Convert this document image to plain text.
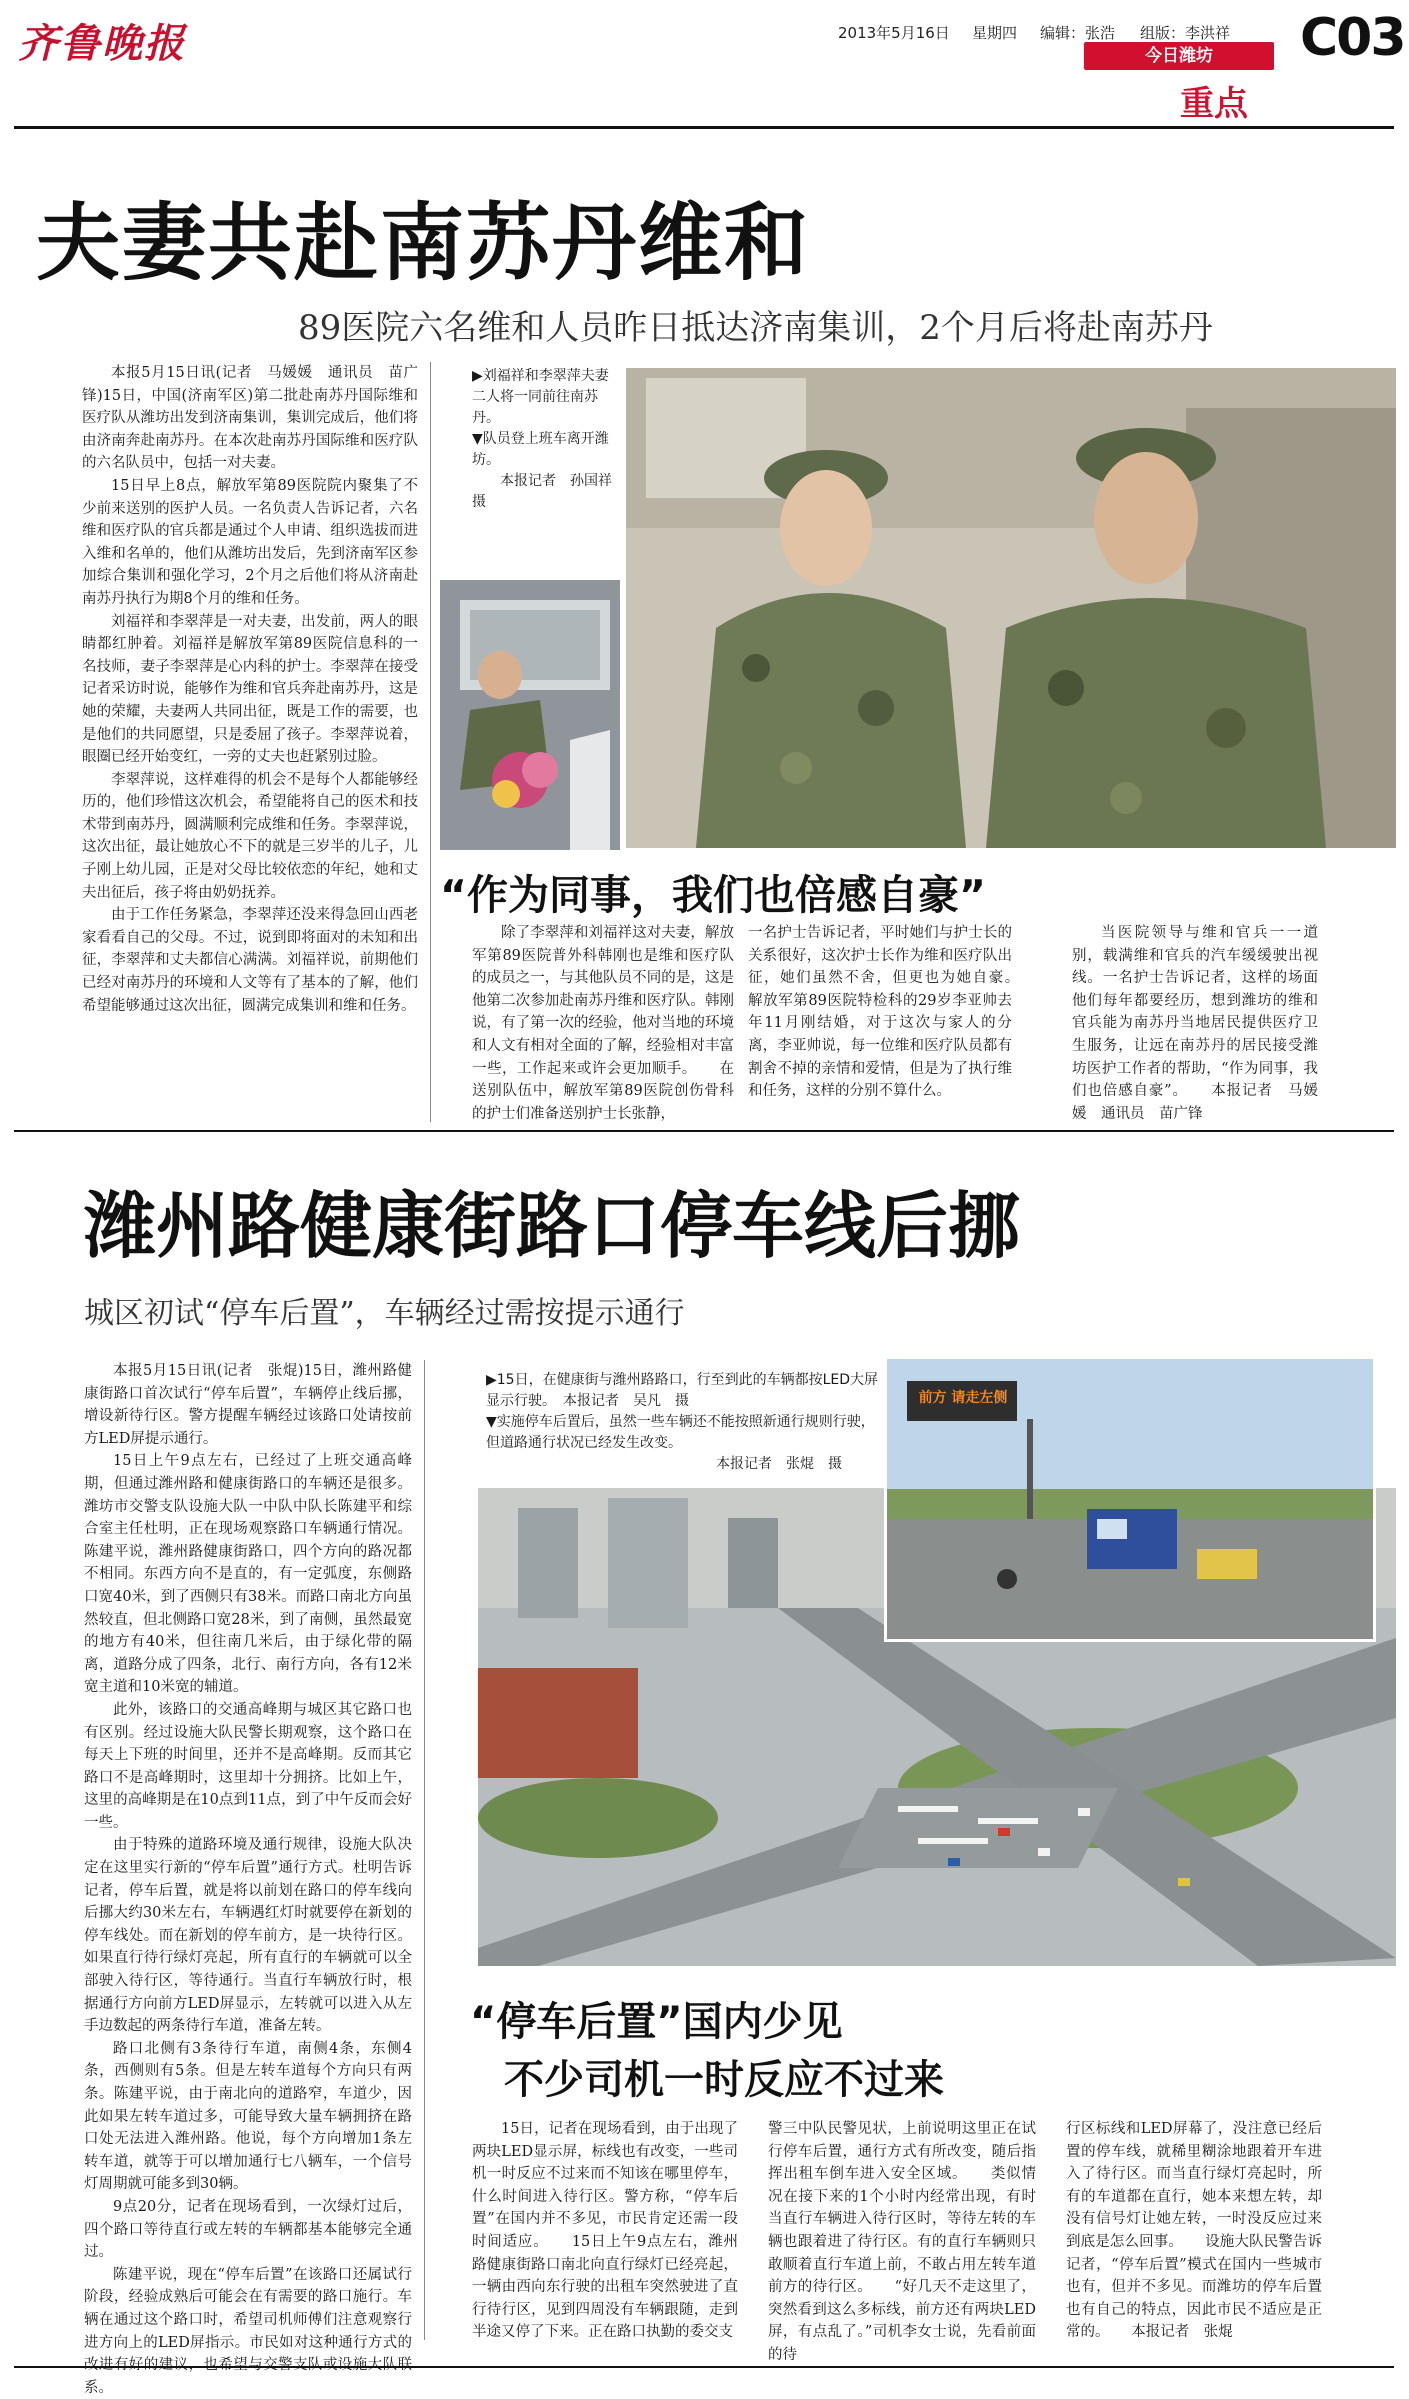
齐鲁晚报	2013年5月16日 星期四 编辑：张浩 组版：李洪祥 C03
今日潍坊
重点
夫妻共赴南苏丹维和
89医院六名维和人员昨日抵达济南集训，2个月后将赴南苏丹

本报5月15日讯(记者　马媛媛　通讯员　苗广锋)15日，中国(济南军区)第二批赴南苏丹国际维和医疗队从潍坊出发到济南集训，集训完成后，他们将由济南奔赴南苏丹。在本次赴南苏丹国际维和医疗队的六名队员中，包括一对夫妻。

15日早上8点，解放军第89医院院内聚集了不少前来送别的医护人员。一名负责人告诉记者，六名维和医疗队的官兵都是通过个人申请、组织选拔而进入维和名单的，他们从潍坊出发后，先到济南军区参加综合集训和强化学习，2个月之后他们将从济南赴南苏丹执行为期8个月的维和任务。

刘福祥和李翠萍是一对夫妻，出发前，两人的眼睛都红肿着。刘福祥是解放军第89医院信息科的一名技师，妻子李翠萍是心内科的护士。李翠萍在接受记者采访时说，能够作为维和官兵奔赴南苏丹，这是她的荣耀，夫妻两人共同出征，既是工作的需要，也是他们的共同愿望，只是委屈了孩子。李翠萍说着，眼圈已经开始变红，一旁的丈夫也赶紧别过脸。

李翠萍说，这样难得的机会不是每个人都能够经历的，他们珍惜这次机会，希望能将自己的医术和技术带到南苏丹，圆满顺利完成维和任务。李翠萍说，这次出征，最让她放心不下的就是三岁半的儿子，儿子刚上幼儿园，正是对父母比较依恋的年纪，她和丈夫出征后，孩子将由奶奶抚养。

由于工作任务紧急，李翠萍还没来得急回山西老家看看自己的父母。不过，说到即将面对的未知和出征，李翠萍和丈夫都信心满满。刘福祥说，前期他们已经对南苏丹的环境和人文等有了基本的了解，他们希望能够通过这次出征，圆满完成集训和维和任务。

▶刘福祥和李翠萍夫妻二人将一同前往南苏丹。
▼队员登上班车离开潍坊。
本报记者　孙国祥　摄
“作为同事，我们也倍感自豪”
除了李翠萍和刘福祥这对夫妻，解放军第89医院普外科韩刚也是维和医疗队的成员之一，与其他队员不同的是，这是他第二次参加赴南苏丹维和医疗队。韩刚说，有了第一次的经验，他对当地的环境和人文有相对全面的了解，经验相对丰富一些，工作起来或许会更加顺手。　　在送别队伍中，解放军第89医院创伤骨科的护士们准备送别护士长张静，
一名护士告诉记者，平时她们与护士长的关系很好，这次护士长作为维和医疗队出征，她们虽然不舍，但更也为她自豪。　　解放军第89医院特检科的29岁李亚帅去年11月刚结婚，对于这次与家人的分离，李亚帅说，每一位维和医疗队员都有割舍不掉的亲情和爱情，但是为了执行维和任务，这样的分别不算什么。
当医院领导与维和官兵一一道别，载满维和官兵的汽车缓缓驶出视线。一名护士告诉记者，这样的场面他们每年都要经历，想到潍坊的维和官兵能为南苏丹当地居民提供医疗卫生服务，让远在南苏丹的居民接受潍坊医护工作者的帮助，“作为同事，我们也倍感自豪”。　　本报记者　马媛媛　通讯员　苗广锋
潍州路健康街路口停车线后挪
城区初试“停车后置”，车辆经过需按提示通行

本报5月15日讯(记者　张焜)15日，潍州路健康街路口首次试行“停车后置”，车辆停止线后挪，增设新待行区。警方提醒车辆经过该路口处请按前方LED屏提示通行。

15日上午9点左右，已经过了上班交通高峰期，但通过潍州路和健康街路口的车辆还是很多。潍坊市交警支队设施大队一中队中队长陈建平和综合室主任杜明，正在现场观察路口车辆通行情况。陈建平说，潍州路健康街路口，四个方向的路况都不相同。东西方向不是直的，有一定弧度，东侧路口宽40米，到了西侧只有38米。而路口南北方向虽然较直，但北侧路口宽28米，到了南侧，虽然最宽的地方有40米，但往南几米后，由于绿化带的隔离，道路分成了四条，北行、南行方向，各有12米宽主道和10米宽的辅道。

此外，该路口的交通高峰期与城区其它路口也有区别。经过设施大队民警长期观察，这个路口在每天上下班的时间里，还并不是高峰期。反而其它路口不是高峰期时，这里却十分拥挤。比如上午，这里的高峰期是在10点到11点，到了中午反而会好一些。

由于特殊的道路环境及通行规律，设施大队决定在这里实行新的“停车后置”通行方式。杜明告诉记者，停车后置，就是将以前划在路口的停车线向后挪大约30米左右，车辆遇红灯时就要停在新划的停车线处。而在新划的停车前方，是一块待行区。如果直行待行绿灯亮起，所有直行的车辆就可以全部驶入待行区，等待通行。当直行车辆放行时，根据通行方向前方LED屏显示，左转就可以进入从左手边数起的两条待行车道，准备左转。

路口北侧有3条待行车道，南侧4条，东侧4条，西侧则有5条。但是左转车道每个方向只有两条。陈建平说，由于南北向的道路窄，车道少，因此如果左转车道过多，可能导致大量车辆拥挤在路口处无法进入潍州路。他说，每个方向增加1条左转车道，就等于可以增加通行七八辆车，一个信号灯周期就可能多到30辆。

9点20分，记者在现场看到，一次绿灯过后，四个路口等待直行或左转的车辆都基本能够完全通过。

陈建平说，现在“停车后置”在该路口还属试行阶段，经验成熟后可能会在有需要的路口施行。车辆在通过这个路口时，希望司机师傅们注意观察行进方向上的LED屏指示。市民如对这种通行方式的 系。

▶15日，在健康街与潍州路路口，行至到此的车辆都按LED大屏显示行驶。　本报记者　吴凡　摄
▼实施停车后置后，虽然一些车辆还不能按照新通行规则行驶，但道路通行状况已经发生改变。
本报记者　张焜　摄
前方 请走左侧
“停车后置”国内少见
不少司机一时反应不过来
15日，记者在现场看到，由于出现了两块LED显示屏，标线也有改变，一些司机一时反应不过来而不知该在哪里停车，什么时间进入待行区。警方称，“停车后置”在国内并不多见，市民肯定还需一段时间适应。　　15日上午9点左右，潍州路健康街路口南北向直行绿灯已经亮起，一辆由西向东行驶的出租车突然驶进了直行待行区，见到四周没有车辆跟随，走到半途又停了下来。正在路口执勤的委交支
警三中队民警见状，上前说明这里正在试行停车后置，通行方式有所改变，随后指挥出租车倒车进入安全区域。　　类似情况在接下来的1个小时内经常出现，有时当直行车辆进入待行区时，等待左转的车辆也跟着进了待行区。有的直行车辆则只敢顺着直行车道上前，不敢占用左转车道前方的待行区。　　“好几天不走这里了，突然看到这么多标线，前方还有两块LED屏，有点乱了。”司机李女士说，先看前面的待
行区标线和LED屏幕了，没注意已经后置的停车线，就稀里糊涂地跟着开车进入了待行区。而当直行绿灯亮起时，所有的车道都在直行，她本来想左转，却没有信号灯让她左转，一时没反应过来到底是怎么回事。　　设施大队民警告诉记者，“停车后置”模式在国内一些城市也有，但并不多见。而潍坊的停车后置也有自己的特点，因此市民不适应是正常的。　　本报记者　张焜
